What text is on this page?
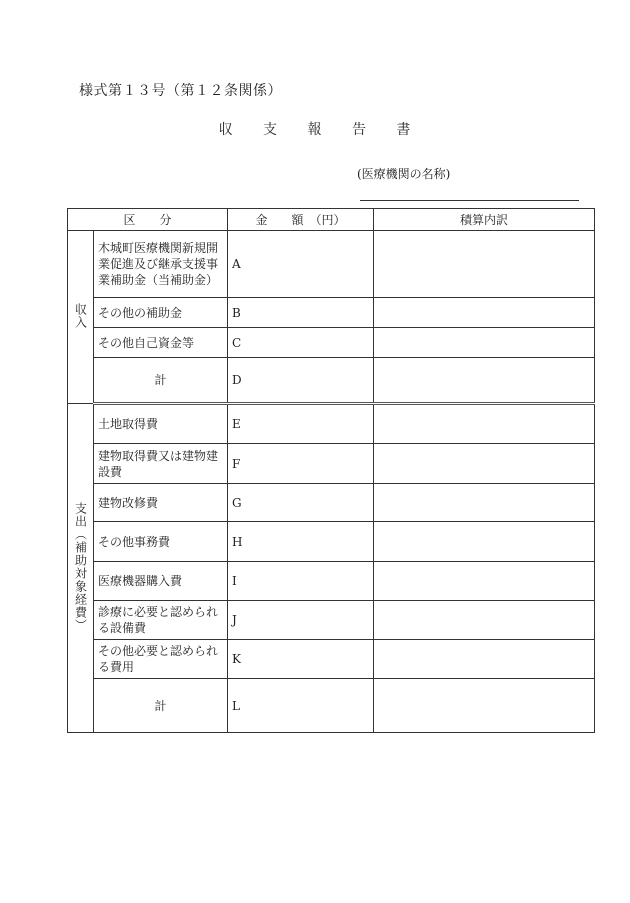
様式第１３号（第１２条関係）
収 支 報 告 書
(医療機関の名称)
区　　分		金　　額　（円）	積算内訳
収入	木城町医療機関新規開業促進及び継承支援事業補助金（当補助金）	A	
	その他の補助金	B	
	その他自己資金等	C	
	計	D	
支出（補助対象経費）	土地取得費	E	
	建物取得費又は建物建設費	F	
	建物改修費	G	
	その他事務費	H	
	医療機器購入費	I	
	診療に必要と認められる設備費	J	
	その他必要と認められる費用	K	
	計	L	
